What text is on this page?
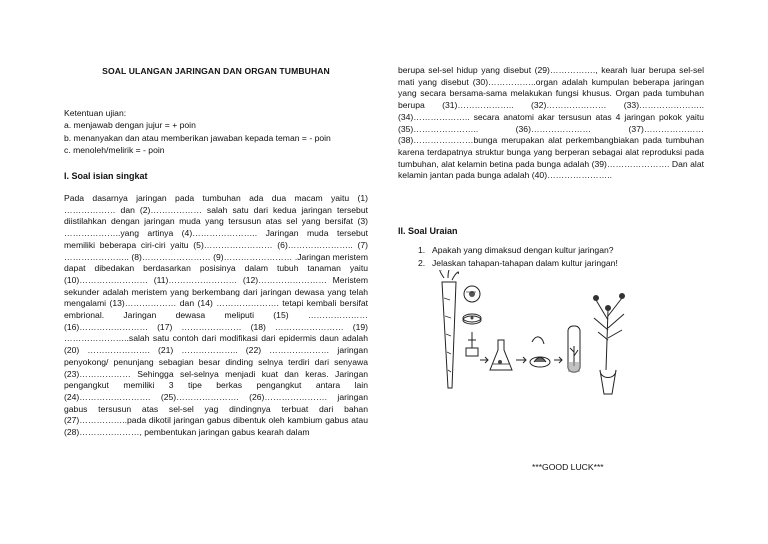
SOAL ULANGAN JARINGAN DAN ORGAN TUMBUHAN
Ketentuan ujian:
a. menjawab dengan jujur = + poin
b. menanyakan dan atau memberikan jawaban kepada teman = - poin
c. menoleh/melirik = - poin
I. Soal isian singkat
Pada dasarnya jaringan pada tumbuhan ada dua macam yaitu (1) ……………… dan (2)……………… salah satu dari kedua jaringan tersebut diistilahkan dengan jaringan muda yang tersusun atas sel yang bersifat (3) ………………..yang artinya (4)………………….. Jaringan muda tersebut memiliki beberapa ciri-ciri yaitu (5)…………………… (6)………………….. (7) ………………….. (8)…………………… (9)…………………… .Jaringan meristem dapat dibedakan berdasarkan posisinya dalam tubuh tanaman yaitu (10)…………………… (11)…………………… (12)…………………… Meristem sekunder adalah meristem yang berkembang dari jaringan dewasa yang telah mengalami (13)……………… dan (14) …………………. tetapi kembali bersifat embrional. Jaringan dewasa meliputi (15) ………………… (16)…………………… (17) ………………… (18) …………………… (19) …………………..salah satu contoh dari modifikasi dari epidermis daun adalah (20) …………………. (21) ……………….. (22) ………………… jaringan penyokong/ penunjang sebagian besar dinding selnya terdiri dari senyawa (23)……………… Sehingga sel-selnya menjadi kuat dan keras. Jaringan pengangkut memiliki 3 tipe berkas pengangkut antara lain (24)……………………. (25)…………………. (26)…………………. jaringan gabus tersusun atas sel-sel yag dindingnya terbuat dari bahan (27)……………..pada dikotil jaringan gabus dibentuk oleh kambium gabus atau (28)…………………, pembentukan jaringan gabus kearah dalam
berupa sel-sel hidup yang disebut (29)……………., kearah luar berupa sel-sel mati yang disebut (30)……………..organ adalah kumpulan beberapa jaringan yang secara bersama-sama melakukan fungsi khusus. Organ pada tumbuhan berupa (31)……………….. (32)………………… (33)………………….. (34)……………….. secara anatomi akar tersusun atas 4 jaringan pokok yaitu (35)………………….. (36)………………… (37)………………… (38)…………………bunga merupakan alat perkembangbiakan pada tumbuhan karena terdapatnya struktur bunga yang berperan sebagai alat reproduksi pada tumbuhan, alat kelamin betina pada bunga adalah (39)…………………. Dan alat kelamin jantan pada bunga adalah (40)…………………..
II. Soal Uraian
1. Apakah yang dimaksud dengan kultur jaringan?
2. Jelaskan tahapan-tahapan dalam kultur jaringan!
***GOOD LUCK***
